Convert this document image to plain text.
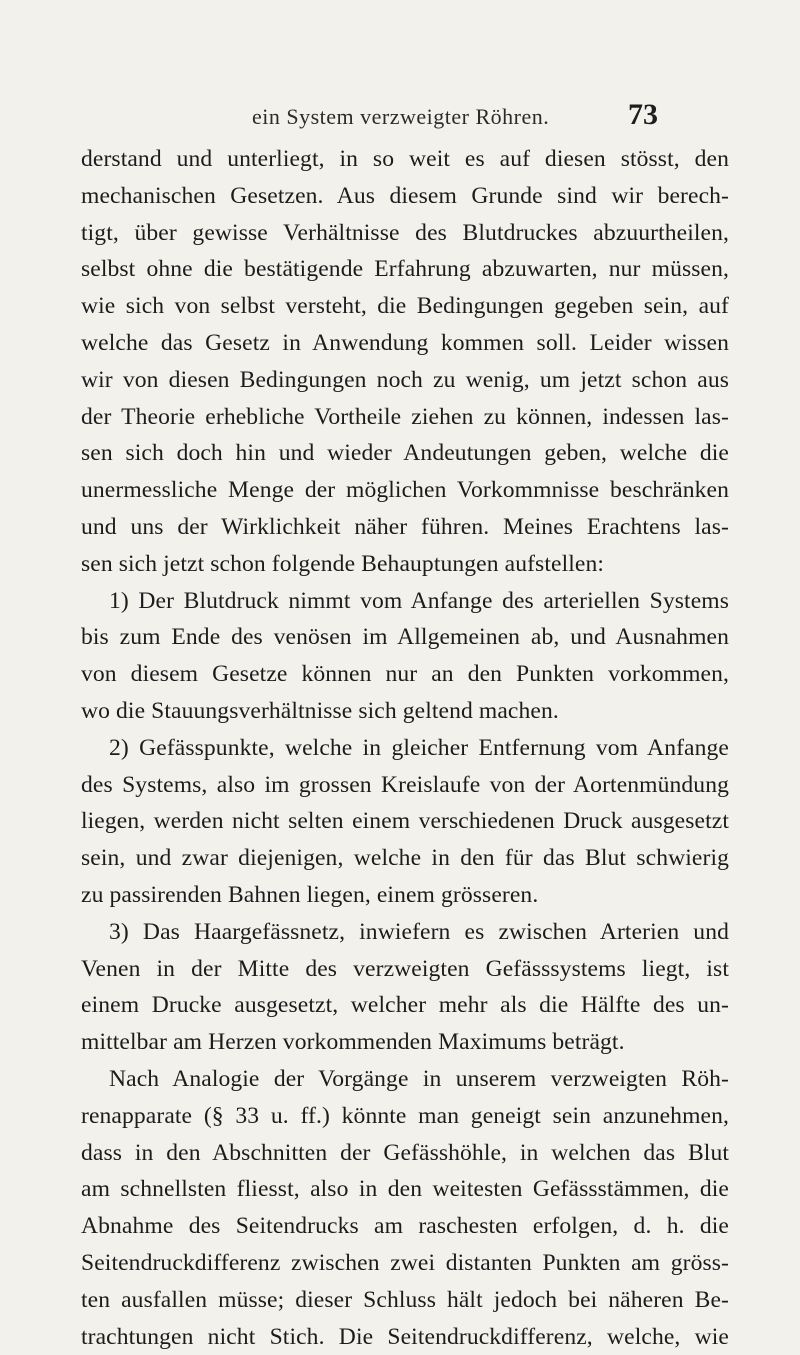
ein System verzweigter Röhren.	73
derstand und unterliegt, in so weit es auf diesen stösst, den
mechanischen Gesetzen. Aus diesem Grunde sind wir berech-
tigt, über gewisse Verhältnisse des Blutdruckes abzuurtheilen,
selbst ohne die bestätigende Erfahrung abzuwarten, nur müssen,
wie sich von selbst versteht, die Bedingungen gegeben sein, auf
welche das Gesetz in Anwendung kommen soll. Leider wissen
wir von diesen Bedingungen noch zu wenig, um jetzt schon aus
der Theorie erhebliche Vortheile ziehen zu können, indessen las-
sen sich doch hin und wieder Andeutungen geben, welche die
unermessliche Menge der möglichen Vorkommnisse beschränken
und uns der Wirklichkeit näher führen. Meines Erachtens las-
sen sich jetzt schon folgende Behauptungen aufstellen:
1) Der Blutdruck nimmt vom Anfange des arteriellen Systems
bis zum Ende des venösen im Allgemeinen ab, und Ausnahmen
von diesem Gesetze können nur an den Punkten vorkommen,
wo die Stauungsverhältnisse sich geltend machen.
2) Gefässpunkte, welche in gleicher Entfernung vom Anfange
des Systems, also im grossen Kreislaufe von der Aortenmündung
liegen, werden nicht selten einem verschiedenen Druck ausgesetzt
sein, und zwar diejenigen, welche in den für das Blut schwierig
zu passirenden Bahnen liegen, einem grösseren.
3) Das Haargefässnetz, inwiefern es zwischen Arterien und
Venen in der Mitte des verzweigten Gefässsystems liegt, ist
einem Drucke ausgesetzt, welcher mehr als die Hälfte des un-
mittelbar am Herzen vorkommenden Maximums beträgt.
Nach Analogie der Vorgänge in unserem verzweigten Röh-
renapparate (§ 33 u. ff.) könnte man geneigt sein anzunehmen,
dass in den Abschnitten der Gefässhöhle, in welchen das Blut
am schnellsten fliesst, also in den weitesten Gefässstämmen, die
Abnahme des Seitendrucks am raschesten erfolgen, d. h. die
Seitendruckdifferenz zwischen zwei distanten Punkten am gröss-
ten ausfallen müsse; dieser Schluss hält jedoch bei näheren Be-
trachtungen nicht Stich. Die Seitendruckdifferenz, welche, wie
